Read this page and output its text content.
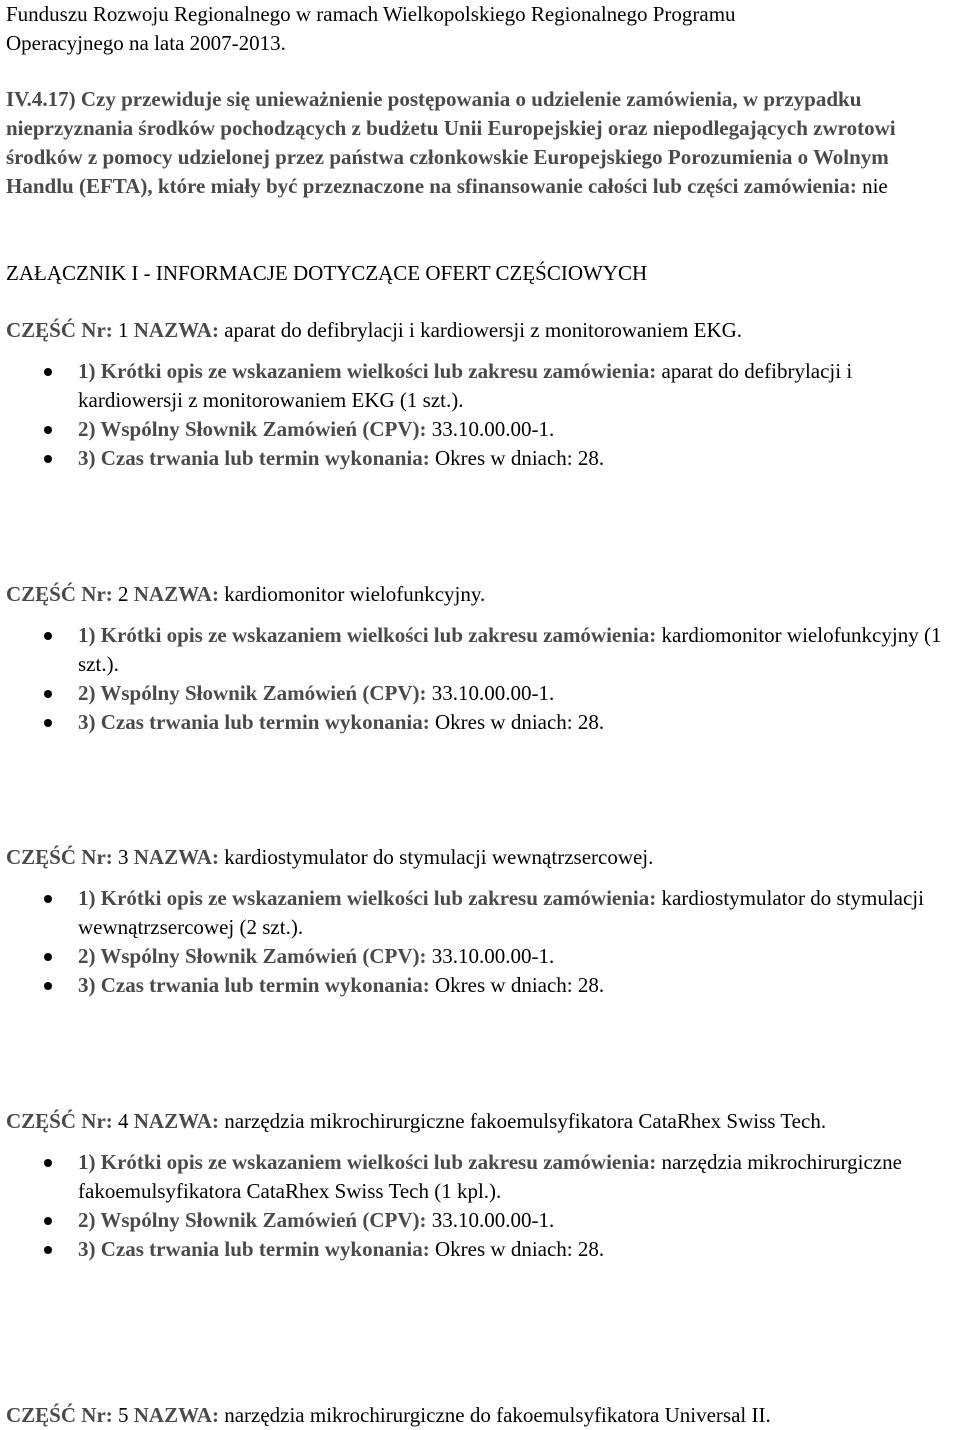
Funduszu Rozwoju Regionalnego w ramach Wielkopolskiego Regionalnego Programu
Operacyjnego na lata 2007-2013.
IV.4.17) Czy przewiduje się unieważnienie postępowania o udzielenie zamówienia, w przypadku nieprzyznania środków pochodzących z budżetu Unii Europejskiej oraz niepodlegających zwrotowi środków z pomocy udzielonej przez państwa członkowskie Europejskiego Porozumienia o Wolnym Handlu (EFTA), które miały być przeznaczone na sfinansowanie całości lub części zamówienia: nie
ZAŁĄCZNIK I - INFORMACJE DOTYCZĄCE OFERT CZĘŚCIOWYCH

CZĘŚĆ Nr: 1 NAZWA: aparat do defibrylacji i kardiowersji z monitorowaniem EKG.

1) Krótki opis ze wskazaniem wielkości lub zakresu zamówienia: aparat do defibrylacji i kardiowersji z monitorowaniem EKG (1 szt.).
2) Wspólny Słownik Zamówień (CPV): 33.10.00.00-1.
3) Czas trwania lub termin wykonania: Okres w dniach: 28.

CZĘŚĆ Nr: 2 NAZWA: kardiomonitor wielofunkcyjny.

1) Krótki opis ze wskazaniem wielkości lub zakresu zamówienia: kardiomonitor wielofunkcyjny (1 szt.).
2) Wspólny Słownik Zamówień (CPV): 33.10.00.00-1.
3) Czas trwania lub termin wykonania: Okres w dniach: 28.

CZĘŚĆ Nr: 3 NAZWA: kardiostymulator do stymulacji wewnątrzsercowej.

1) Krótki opis ze wskazaniem wielkości lub zakresu zamówienia: kardiostymulator do stymulacji wewnątrzsercowej (2 szt.).
2) Wspólny Słownik Zamówień (CPV): 33.10.00.00-1.
3) Czas trwania lub termin wykonania: Okres w dniach: 28.

CZĘŚĆ Nr: 4 NAZWA: narzędzia mikrochirurgiczne fakoemulsyfikatora CataRhex Swiss Tech.

1) Krótki opis ze wskazaniem wielkości lub zakresu zamówienia: narzędzia mikrochirurgiczne fakoemulsyfikatora CataRhex Swiss Tech (1 kpl.).
2) Wspólny Słownik Zamówień (CPV): 33.10.00.00-1.
3) Czas trwania lub termin wykonania: Okres w dniach: 28.

CZĘŚĆ Nr: 5 NAZWA: narzędzia mikrochirurgiczne do fakoemulsyfikatora Universal II.
